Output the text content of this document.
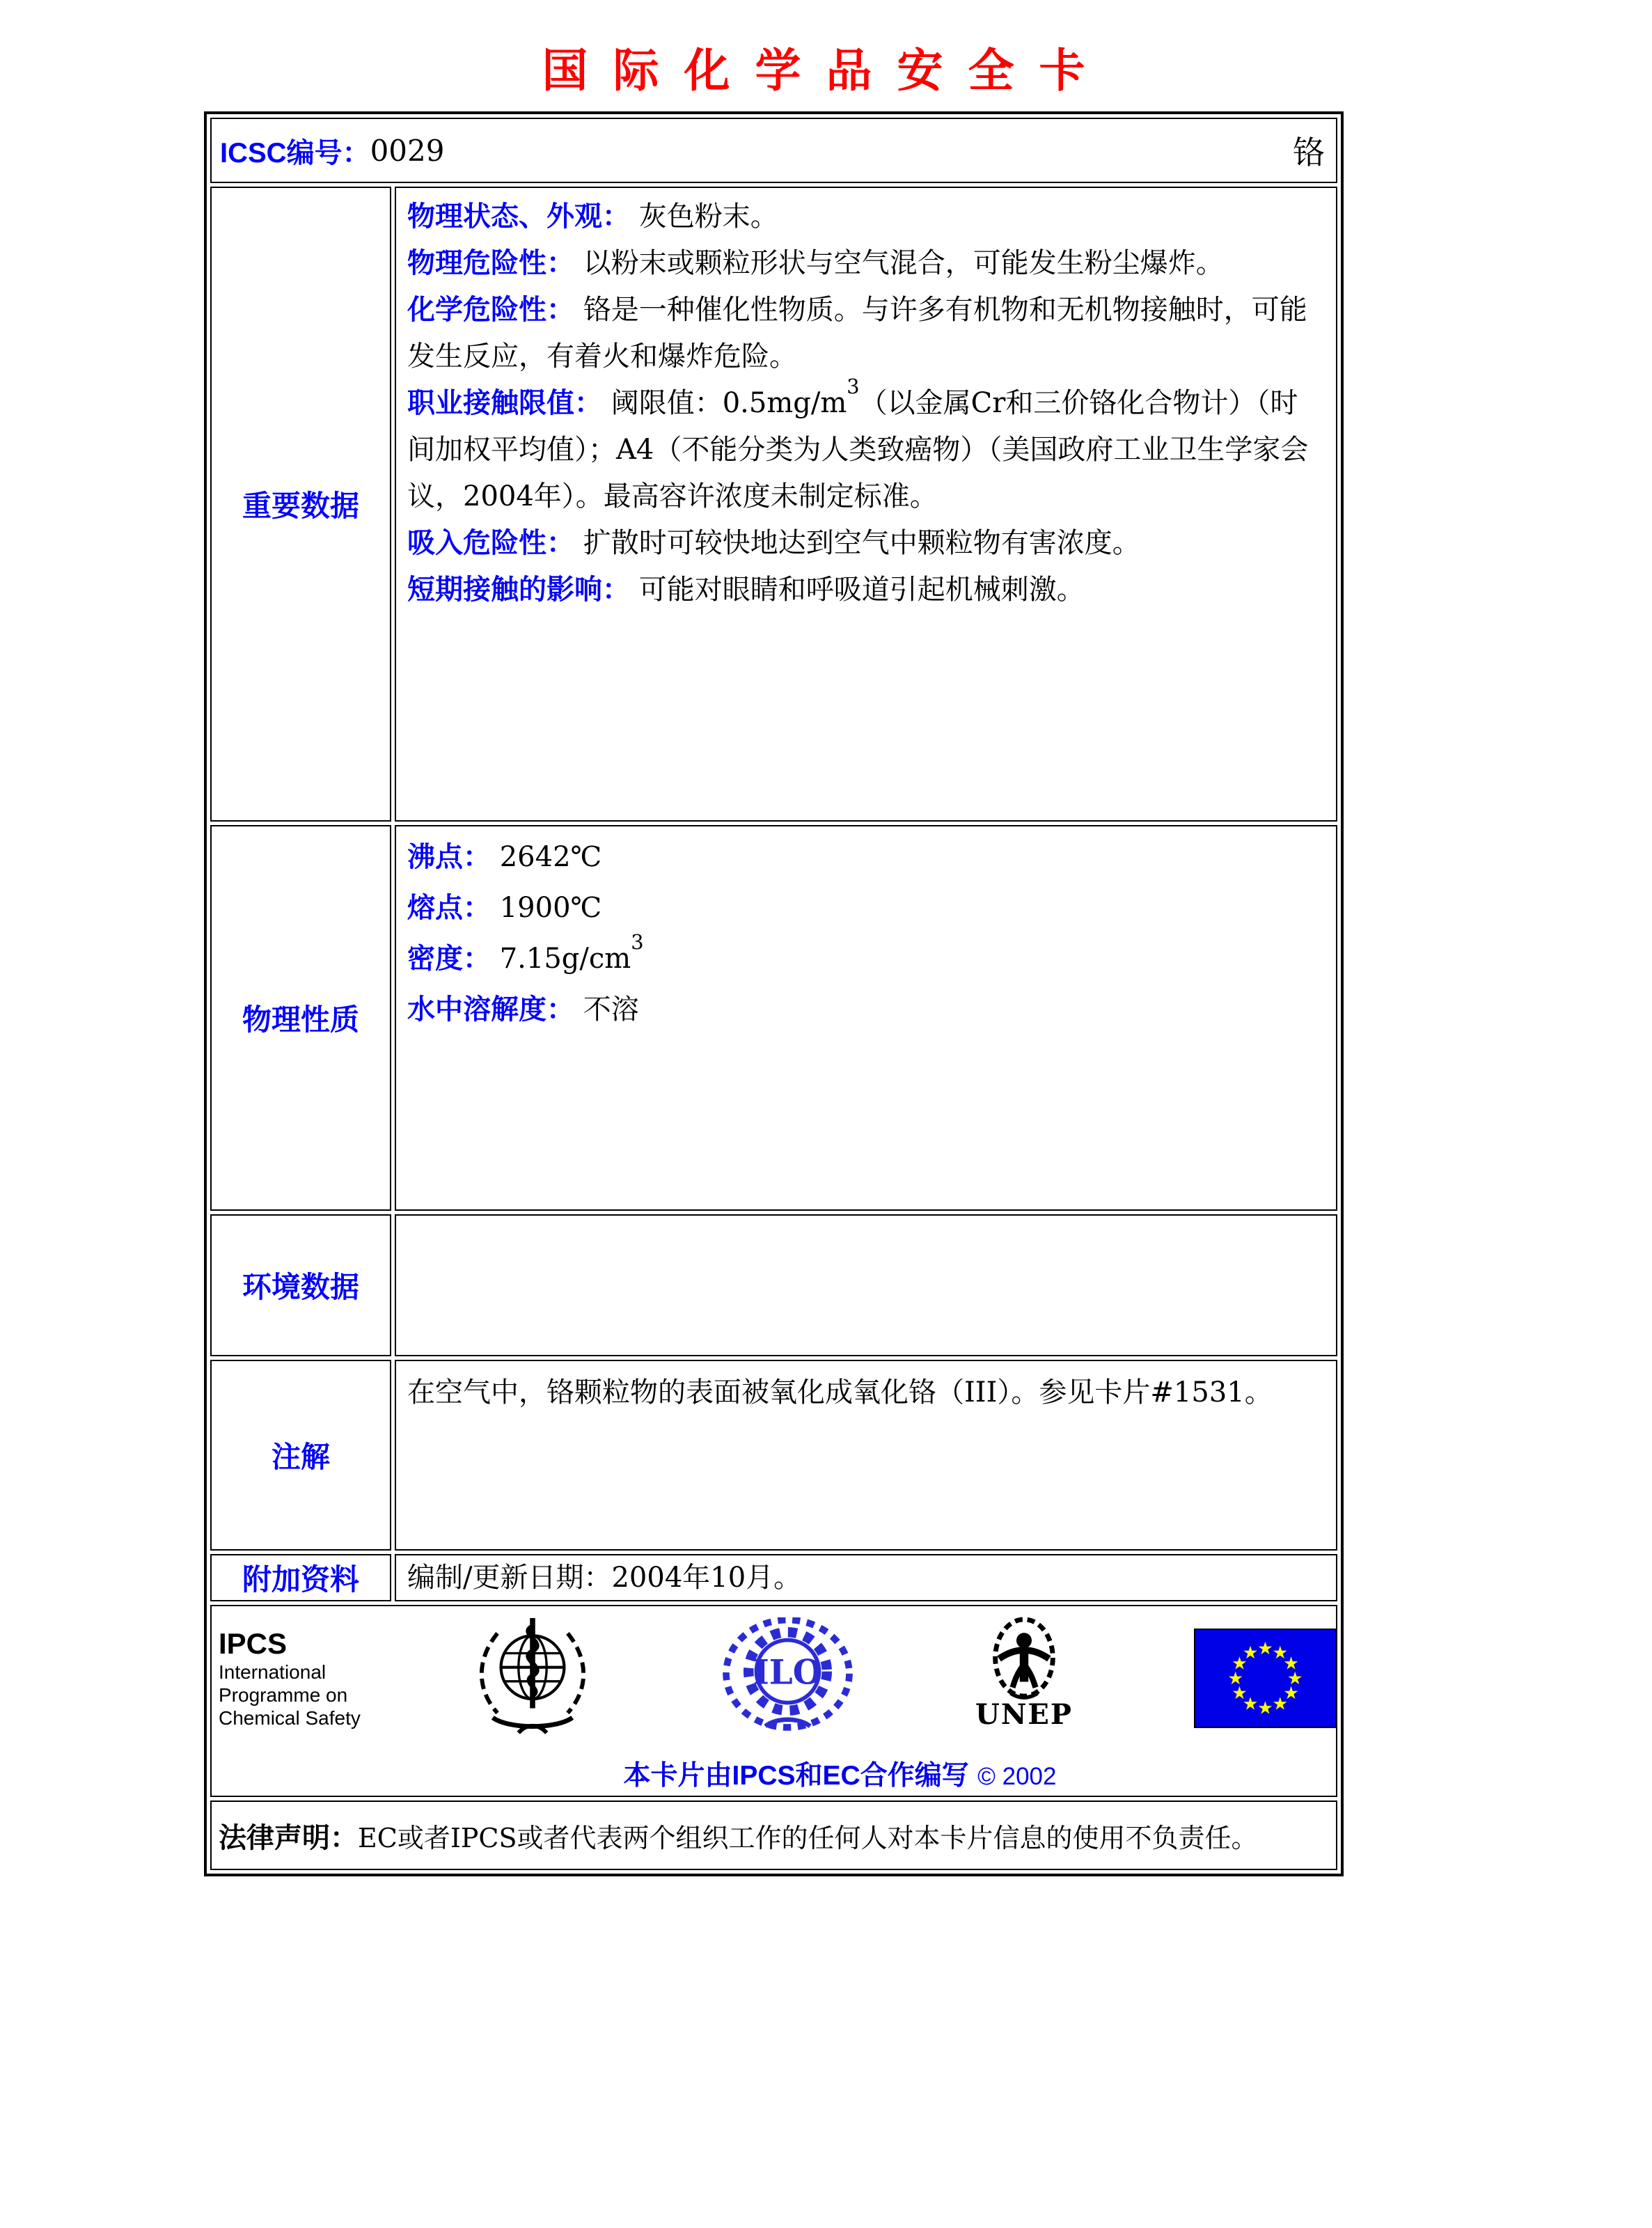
国际化学品安全卡
ICSC编号： 0029	铬
重要数据

物理状态、外观： 灰色粉末。

物理危险性： 以粉末或颗粒形状与空气混合，可能发生粉尘爆炸。

化学危险性： 铬是一种催化性物质。与许多有机物和无机物接触时，可能发生反应，有着火和爆炸危险。

职业接触限值： 阈限值：$0.5mg/m^3$（以金属Cr和三价铬化合物计）（时间加权平均值）；A4（不能分类为人类致癌物）（美国政府工业卫生学家会议，2004年）。最高容许浓度未制定标准。

吸入危险性： 扩散时可较快地达到空气中颗粒物有害浓度。

短期接触的影响： 可能对眼睛和呼吸道引起机械刺激。

物理性质

沸点： 2642℃

熔点： 1900℃

密度： $7.15g/cm^3$

水中溶解度： 不溶

环境数据
注解
在空气中，铬颗粒物的表面被氧化成氧化铬（III）。参见卡片#1531。
附加资料	编制/更新日期：2004年10月。
IPCS
International
Programme on
Chemical Safety
ILO
UNEP
★
★
★
★
★
★
★
★
★
★
★
★
本卡片由IPCS和EC合作编写 © 2002
法律声明： EC或者IPCS或者代表两个组织工作的任何人对本卡片信息的使用不负责任。
